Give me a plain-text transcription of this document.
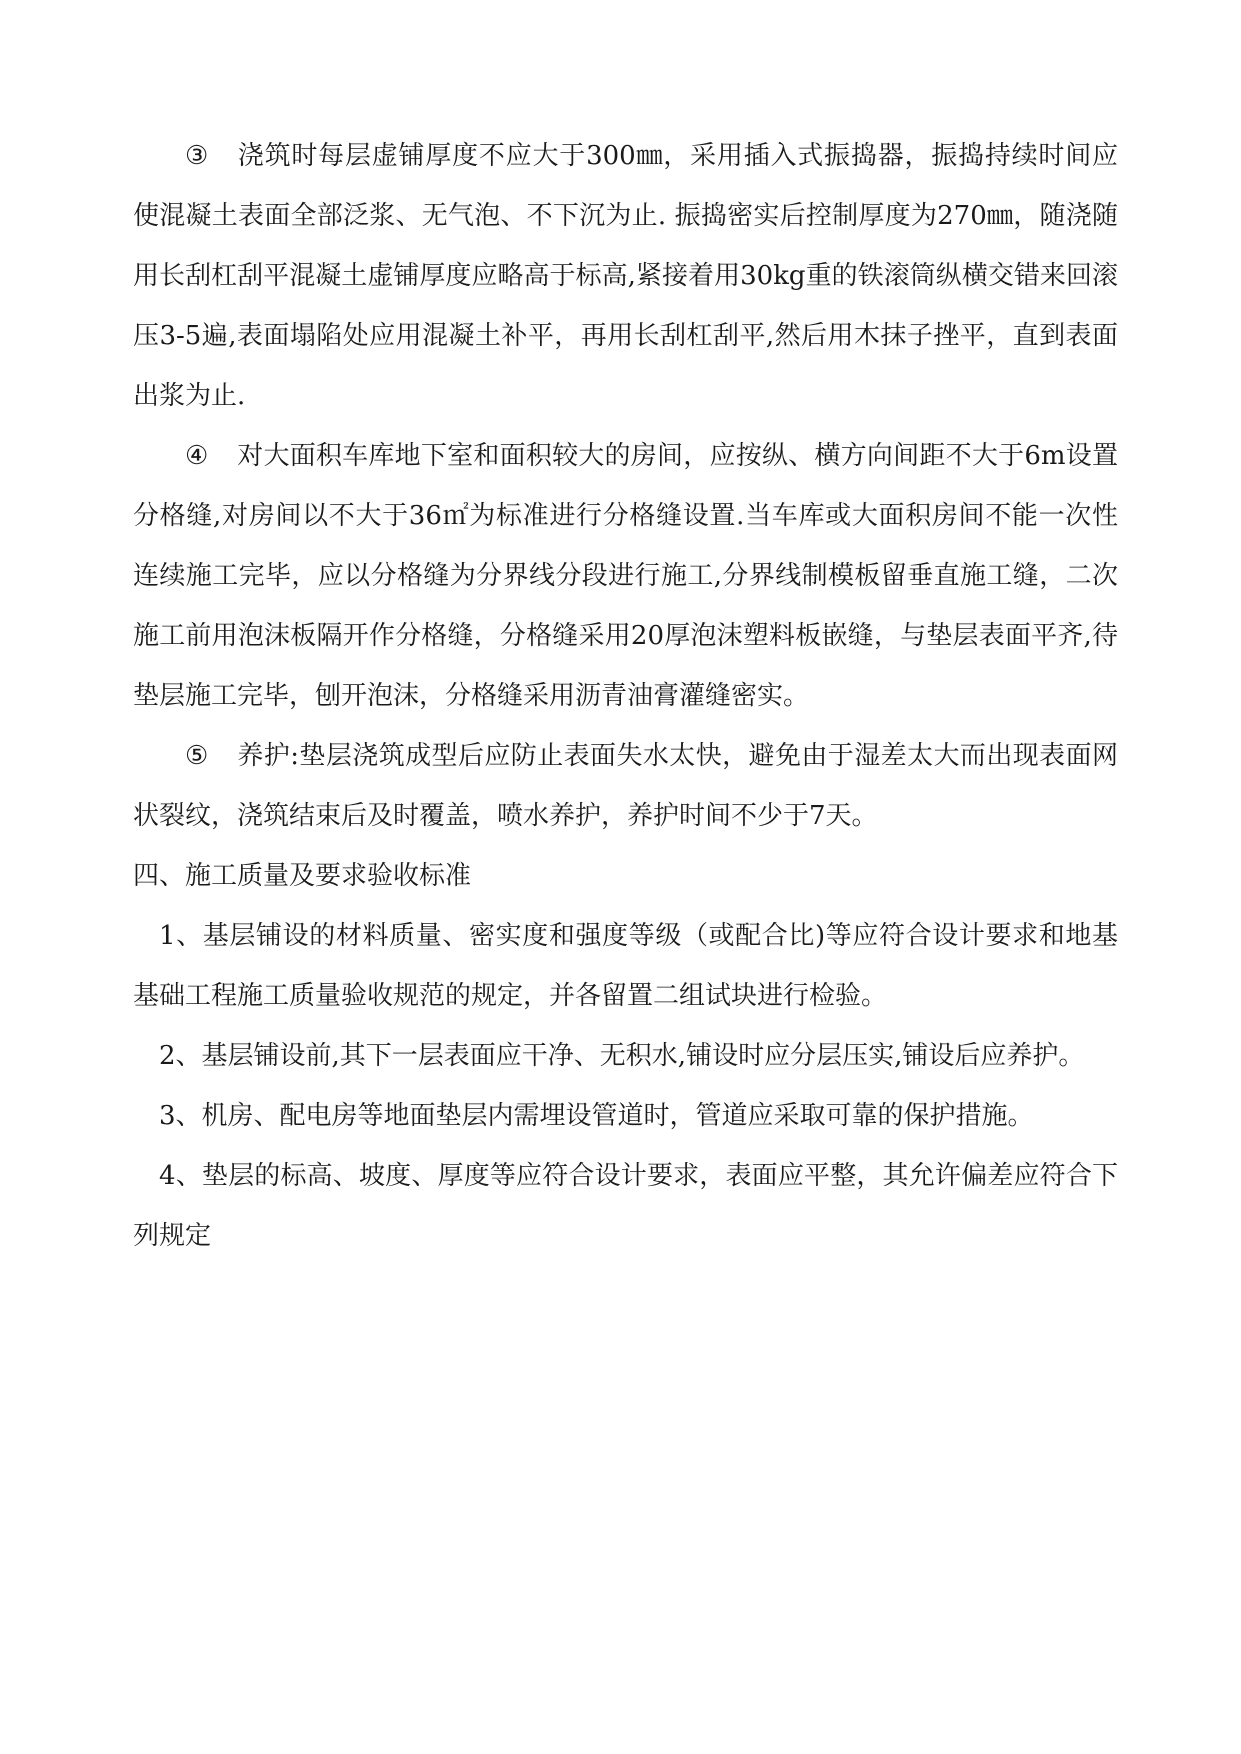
③ 浇筑时每层虚铺厚度不应大于300㎜，采用插入式振捣器，振捣持续时间应使混凝土表面全部泛浆、无气泡、不下沉为止. 振捣密实后控制厚度为270㎜，随浇随用长刮杠刮平混凝土虚铺厚度应略高于标高,紧接着用30kg重的铁滚筒纵横交错来回滚压3-5遍,表面塌陷处应用混凝土补平，再用长刮杠刮平,然后用木抹子挫平，直到表面出浆为止.

④ 对大面积车库地下室和面积较大的房间，应按纵、横方向间距不大于6m设置分格缝,对房间以不大于36㎡为标准进行分格缝设置.当车库或大面积房间不能一次性连续施工完毕，应以分格缝为分界线分段进行施工,分界线制模板留垂直施工缝，二次施工前用泡沫板隔开作分格缝，分格缝采用20厚泡沫塑料板嵌缝，与垫层表面平齐,待垫层施工完毕，刨开泡沫，分格缝采用沥青油膏灌缝密实。

⑤ 养护:垫层浇筑成型后应防止表面失水太快，避免由于湿差太大而出现表面网状裂纹，浇筑结束后及时覆盖，喷水养护，养护时间不少于7天。

四、施工质量及要求验收标准

1、基层铺设的材料质量、密实度和强度等级（或配合比)等应符合设计要求和地基基础工程施工质量验收规范的规定，并各留置二组试块进行检验。

2、基层铺设前,其下一层表面应干净、无积水,铺设时应分层压实,铺设后应养护。

3、机房、配电房等地面垫层内需埋设管道时，管道应采取可靠的保护措施。

4、垫层的标高、坡度、厚度等应符合设计要求，表面应平整，其允许偏差应符合下列规定
